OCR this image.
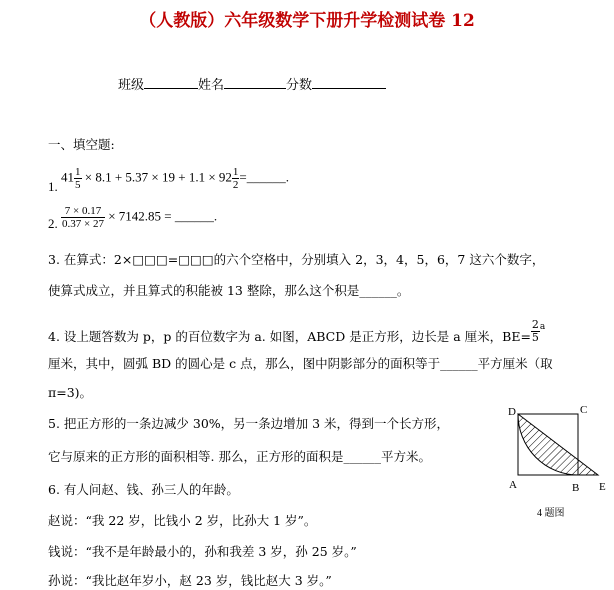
（人教版）六年级数学下册升学检测试卷 12
班级	姓名	分数
一、填空题:
1. $41 \frac{1}{5} \times 8.1 + 5.37 \times 19 + 1.1 \times 92 \frac{1}{2}$ =______.
2. $\frac{7 \times 0.17}{0.37 \times 27} \times 7142.85$ = ______.
3. 在算式：2×□□□=□□□的六个空格中，分别填入 2，3，4，5，6，7 这六个数字，
使算式成立，并且算式的积能被 13 整除，那么这个积是______。
4. 设上题答数为 p，p 的百位数字为 a. 如图，ABCD 是正方形，边长是 a 厘米，$BE= \frac{2}{5} ^a$
厘米，其中，圆弧 BD 的圆心是 c 点，那么，图中阴影部分的面积等于______平方厘米（取
π=3)。
5. 把正方形的一条边减少 30%，另一条边增加 3 米，得到一个长方形，
它与原来的正方形的面积相等. 那么，正方形的面积是______平方米。
6. 有人问赵、钱、孙三人的年龄。
赵说：“我 22 岁，比钱小 2 岁，比孙大 1 岁”。
钱说：“我不是年龄最小的，孙和我差 3 岁，孙 25 岁。”
孙说：“我比赵年岁小，赵 23 岁，钱比赵大 3 岁。”
D	C
A	B E
4 题图
